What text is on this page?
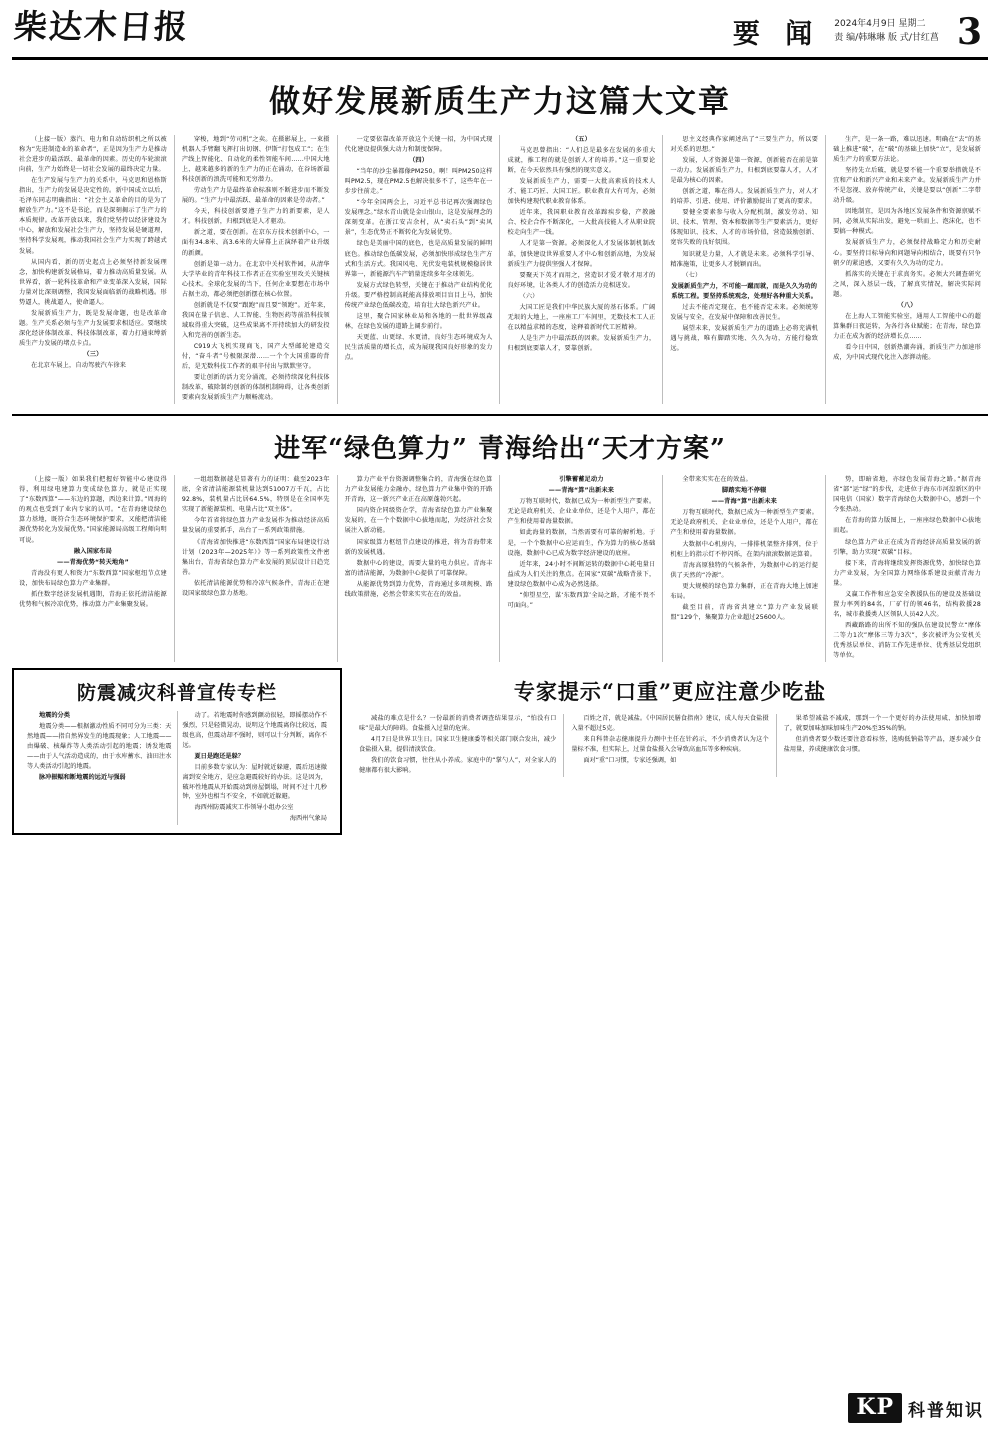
柴达木日报	要 闻 2024年4月9日 星期二
责 编/韩琳琳 版 式/甘红菖 3
做好发展新质生产力这篇大文章

（上接一版）蒸汽、电力和自动纺织机之所以被称为“先进制造业的革命者”，正是因为生产力是推动社会进步的最活跃、最革命的因素。历史的车轮滚滚向前，生产力始终是一切社会发展的最终决定力量。

在生产发展与生产力的关系中，马克思和恩格斯指出，生产力的发展是决定性的。新中国成立以后，毛泽东同志明确指出：“社会主义革命的目的是为了解放生产力。”这不是书论，而是深刻揭示了生产力的本质规律。改革开放以来，我们党坚持以经济建设为中心，解放和发展社会生产力，坚持发展是硬道理，坚持科学发展观，推动我国社会生产力实现了跨越式发展。

从国内看，新的历史起点上必须坚持新发展理念，加快构建新发展格局，着力推动高质量发展。从世界看，新一轮科技革命和产业变革深入发展，国际力量对比深刻调整，我国发展面临新的战略机遇。形势逼人，挑战逼人，使命逼人。

发展新质生产力，既是发展命题，也是改革命题。生产关系必须与生产力发展要求相适应。要继续深化经济体制改革、科技体制改革，着力打通束缚新质生产力发展的堵点卡点。

（三）

在北京车展上，自动驾驶汽车徐来

穿梭，地到“劳司机”之卖。在摄影展上，一束摄机器人手臂翻飞挥打出切钢、伊斯“打包成工”；在生产线上智能化、自动化的柔性智能车间……中国大地上，越来越多的新的生产力的正在涌动，在谷场新最科技创新的浪洗可能和无穷潜力。

劳动生产力是最终革命标准则不断进步而不断发展的。“生产力中最活跃、最革命的因素是劳动者。”

今天，科技创新要遵子生产力的新要素，是人才。科技创新，归根到底是人才驱动。

新之道，要在创新。在京东方技术创新中心，一面有34.8米、高3.6米的大屏幕上正演绎着产业升级的新颜。

创新是第一动力。在北京中关村软件园，从清华大学毕业的青年科技工作者正在实验室里攻关关键核心技术。全球化发展的当下，任何企业要想在市场中占据主动，都必须把创新摆在核心位置。

创新就是不仅要“跟跑”而且要“领跑”。近年来，我国在量子信息、人工智能、生物医药等前沿科技领域取得重大突破，这些成果离不开持续加大的研发投入和完善的创新生态。

C919大飞机实现商飞，国产大型邮轮建造交付，“奋斗者”号极限深潜……一个个大国重器的背后，是无数科技工作者的艰辛付出与默默坚守。

要让创新的活力充分涌流，必须持续深化科技体制改革，破除制约创新的体制机制障碍，让各类创新要素向发展新质生产力顺畅流动。

一定要依靠改革开放这个关键一招，为中国式现代化建设提供强大动力和制度保障。

（四）

“当年的沙尘暴都像PM250。啊！叫PM250这样叫PM2.5，现在PM2.5也解决很多不了，这些年在一步步往前走。”

“今年全国两会上，习近平总书记再次强调绿色发展理念。”绿水青山就是金山银山，这是发展理念的深刻变革。在浙江安吉余村，从“卖石头”到“卖风景”，生态优势正不断转化为发展优势。

绿色是美丽中国的底色，也是高质量发展的鲜明底色。推动绿色低碳发展，必须加快形成绿色生产方式和生活方式。我国风电、光伏发电装机规模稳居世界第一，新能源汽车产销量连续多年全球领先。

发展方式绿色转型，关键在于推动产业结构优化升级。要严格控制高耗能高排放项目盲目上马，加快传统产业绿色低碳改造，培育壮大绿色新兴产业。

这里，聚合国家林业局和各地的一批世界级森林，在绿色发展的道路上阔步前行。

天更蓝、山更绿、水更清，良好生态环境成为人民生活质量的增长点，成为展现我国良好形象的发力点。

（五）

马克思曾指出：“人们总是最多在发展的多重大成就，推工程的就是创新人才的培养。”这一重要论断，在今天依然具有强烈的现实意义。

发展新质生产力，需要一大批高素质的技术人才、能工巧匠、大国工匠。职业教育大有可为，必须加快构建现代职业教育体系。

近年来，我国职业教育改革蹄疾步稳，产教融合、校企合作不断深化，一大批高技能人才从职业院校走向生产一线。

人才是第一资源。必须深化人才发展体制机制改革，加快建设世界重要人才中心和创新高地，为发展新质生产力提供坚强人才保障。

要聚天下英才而用之，营造识才爱才敬才用才的良好环境，让各类人才的创造活力竞相迸发。

（六）

大国工匠是我们中华民族大厦的基石体系。广阔无垠的大地上，一座座工厂车间里，无数技术工人正在以精益求精的态度，诠释着新时代工匠精神。

人是生产力中最活跃的因素。发展新质生产力，归根到底要靠人才，要靠创新。

思主义经典作家阐述出了“三要生产力，所以要对关系的思想。”

发展，人才资源是第一资源，创新能否在前是第一动力。发展新质生产力，归根到底要靠人才，人才是最为核心的因素。

创新之道，唯在得人。发展新质生产力，对人才的培养、引进、使用、评价激励提出了更高的要求。

要健全要素参与收入分配机制，激发劳动、知识、技术、管理、资本和数据等生产要素活力，更好体现知识、技术、人才的市场价值，营造鼓励创新、宽容失败的良好氛围。

知识就是力量，人才就是未来。必须科学引导、精准施策，让更多人才脱颖而出。

（七）

发展新质生产力，不可能一蹴而就，而是久久为功的系统工程。要坚持系统观念，处理好各种重大关系。

过去不能否定现在，也不能否定未来。必须统筹发展与安全，在发展中保障和改善民生。

展望未来，发展新质生产力的道路上必将充满机遇与挑战，唯有脚踏实地、久久为功，方能行稳致远。

生产，是一条一路，难以迅速。明确在“去”的基础上推进“破”，在“破”的基础上加快“立”，是发展新质生产力的重要方法论。

坚持先立后破，就是要不能一个重要举措就是不宜和产业和新兴产业和未来产业。发展新质生产力并不是忽视、放弃传统产业，关键是要以“创新”二字带动升级。

因地制宜，是因为各地区发展条件和资源禀赋不同，必须从实际出发，避免一哄而上、泡沫化，也不要搞一种模式。

发展新质生产力，必须保持战略定力和历史耐心。要坚持目标导向和问题导向相结合，既要有只争朝夕的紧迫感，又要有久久为功的定力。

抓落实的关键在于求真务实。必须大兴调查研究之风，深入基层一线，了解真实情况，解决实际问题。

（八）

在上海人工智能实验室，通用人工智能中心的超算集群日夜运转，为各行各业赋能；在青海，绿色算力正在成为新的经济增长点……

看今日中国，创新热潮奔涌，新质生产力加速形成，为中国式现代化注入澎湃动能。

进军“绿色算力” 青海给出“天才方案”

（上接一版）如果我们把握好智能中心建设得得，利用绿电建算力变成绿色算力，就是正实现了“东数西算”——东边的算题，西边来计算。”周海的的观点也受到了业内专家的认可。“在青海建设绿色算力基地，既符合生态环境保护要求，又能把清洁能源优势转化为发展优势。”国家能源局高级工程师向明可说。

融入国家布局

——青海优势“转天地角”

青海没有更人和资力“东数西算”国家枢纽节点建设，加快布局绿色算力产业集群。

抓住数字经济发展机遇期，青海正依托清洁能源优势和气候冷凉优势，推动算力产业集聚发展。

一组组数据越是显著有力的证明：截至2023年底，全省清洁能源装机量达到51007万千瓦，占比92.8%，装机量占比居64.5%，特别是在全国率先实现了新能源装机、电量占比“双主体”。

今年首省将绿色算力产业发展作为推动经济高质量发展的重要抓手，出台了一系列政策措施。

《青海省加快推进“东数西算”国家布局建设行动计划（2023年—2025年）》等一系列政策性文件密集出台，青海省绿色算力产业发展的顶层设计日趋完善。

依托清洁能源优势和冷凉气候条件，青海正在建设国家级绿色算力基地。

算力产业平台资源调整集合的，青海强在绿色算力产业发展能力金融办，绿色算力产业集中资的开路开青海，这一新兴产业正在高原蓬勃兴起。

国内资企同级资企学，青海省绿色算力产业集聚发展的，在一个个数据中心拔地而起，为经济社会发展注入新动能。

国家级算力枢纽节点建设的推进，将为青海带来新的发展机遇。

数据中心的建设，需要大量的电力供应。青海丰富的清洁能源，为数据中心提供了可靠保障。

从能源优势到算力优势，青海通过多项规模、路线政策措施，必然会带来实实在在的效益。

引擎蓄蓄足动力

——青海“算”出新未来

万物互联时代，数据已成为一种新型生产要素。无论是政府机关、企业业单位，还是个人用户，都在产生和使用着海量数据。

如此海量的数据，当然需要有可靠的解析地。于是，一个个数据中心应运而生，作为算力的核心基础设施，数据中心已成为数字经济建设的底座。

近年来，24小时不间断运转的数据中心耗电量日益成为人们关注的焦点。在国家“双碳”战略背景下，建设绿色数据中心成为必然选择。

“仰望星空，谋‘东数西算’全局之路，才能不畏不可面向。”

全带来实实在在的效益。

脚踏实地不停辍

——青海“算”出新未来

万物互联时代，数据已成为一种新型生产要素。无论是政府机关、企业业单位，还是个人用户，都在产生和使用着海量数据。

大数据中心机房内，一排排机架整齐排列，位于机柜上的指示灯不停闪烁，在架内滚滚数据运算着。

青海高原独特的气候条件，为数据中心的运行提供了天然的“冷源”。

更大规模的绿色算力集群，正在青海大地上加速布局。

截至目前，青海省共建立“算力产业发展联盟”129个，集聚算力企业超过25600人。

势，即暗省地，亦绿色发展青海之路。”据青海省“部”运“绿”的步伐，走进位于海东市河湟新区的中国电信（国家）数字青海绿色大数据中心，感到一个令张热动。

在青海的算力版图上，一座座绿色数据中心拔地而起。

绿色算力产业正在成为青海经济高质量发展的新引擎，助力实现“双碳”目标。

接下来，青海将继续发挥资源优势，加快绿色算力产业发展，为全国算力网络体系建设贡献青海力量。

义赢工作件和应急安全教援队伍的建设及基础设置力率列的84名，厂矿行的领46名，结构救援28名，城市救援类人区领队人员42人次。

西藏路路的出所不知的强队伍建设民警立“摩体二等力1次”摩体三等力3次”，多次被评为公安机关优秀基层单位、消防工作先进单位、优秀基层党组织等单位。

防震减灾科普宣传专栏

地震的分类

地震分类——根据激动性质不同可分为三类：天然地震——指自然界发生的地震现象；人工地震——由爆破、核爆炸等人类活动引起的地震；诱发地震——由于人气活动造成的，由于水库蓄水、油田注水等人类活动引起的地震。

脉冲振幅和断地震的远近与强弱

动了。若地震时你感到颤动很轻，即摇摆动作不强烈，只是轻微晃动，说明这个地震离你比较远，震级也高，但震动却不强时，则可以十分判断，离你不远。

夏日是跑还是躲？

目前多数专家认为：屋时就近躲避，震后迅速撤离到安全地方，是应急避震较好的办法。这是因为，破坏性地震从开始震动到房屋倒塌，时间不过十几秒钟，室外也相当不安全，不如就近躲避。

海西州防震减灾工作领导小组办公室

海西州气象局

专家提示“口重”更应注意少吃盐

减盐的难点是什么？一份最新的消费者调查结果显示，“怕没有口味”是最大的障碍。食盐摄入过量的危害。

4月7日是世界卫生日。国家卫生健康委等相关部门联合发出，减少食盐摄入量，提倡清淡饮食。

我们的饮食习惯，往往从小养成。家庭中的“掌勺人”，对全家人的健康都有很大影响。

百姓之首，就是减盐。《中国居民膳食指南》建议，成人每天食盐摄入量不超过5克。

来自科普杂志健康提升力测中主任在针药示，不少消费者认为这个量标不准，但实际上，过量食盐摄入会导致高血压等多种疾病。

面对“重”口习惯，专家还强调，如

果希望减盐不减咸，那到一个一个更好的办法使用咸、加快加增了，就要加味加味加味生产20%至35%的钠。

但消费者要少数还要注意看标签，选购低钠盐等产品，逐步减少食盐用量，养成健康饮食习惯。

KP 科普知识
